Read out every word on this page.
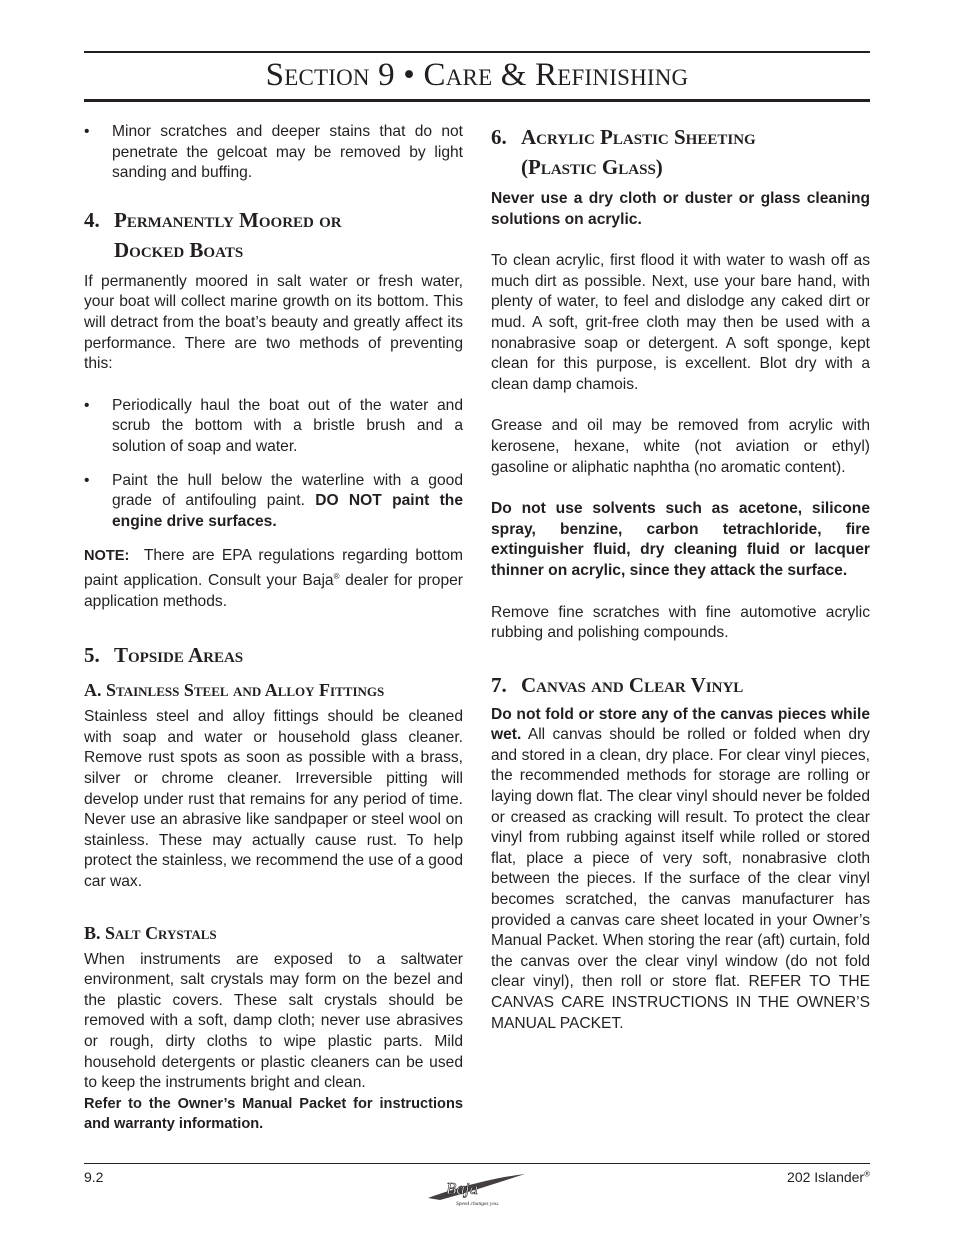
Section 9 • Care & Refinishing
• Minor scratches and deeper stains that do not penetrate the gelcoat may be removed by light sanding and buffing.

4. Permanently Moored or
Docked Boats

If permanently moored in salt water or fresh water, your boat will collect marine growth on its bottom. This will detract from the boat’s beauty and greatly affect its performance. There are two methods of preventing this:

• Periodically haul the boat out of the water and scrub the bottom with a bristle brush and a solution of soap and water.

• Paint the hull below the waterline with a good grade of antifouling paint. DO NOT paint the engine drive surfaces.

NOTE: There are EPA regulations regarding bottom paint application. Consult your Baja® dealer for proper application methods.

5. Topside Areas
A. Stainless Steel and Alloy Fittings

Stainless steel and alloy fittings should be cleaned with soap and water or household glass cleaner. Remove rust spots as soon as possible with a brass, silver or chrome cleaner. Irreversible pitting will develop under rust that remains for any period of time. Never use an abrasive like sandpaper or steel wool on stainless. These may actually cause rust. To help protect the stainless, we recommend the use of a good car wax.

B. Salt Crystals

When instruments are exposed to a saltwater environment, salt crystals may form on the bezel and the plastic covers. These salt crystals should be removed with a soft, damp cloth; never use abrasives or rough, dirty cloths to wipe plastic parts. Mild household detergents or plastic cleaners can be used to keep the instruments bright and clean.

Refer to the Owner’s Manual Packet for instructions and warranty information.

6. Acrylic Plastic Sheeting
(Plastic Glass)

Never use a dry cloth or duster or glass cleaning solutions on acrylic.

To clean acrylic, first flood it with water to wash off as much dirt as possible. Next, use your bare hand, with plenty of water, to feel and dislodge any caked dirt or mud. A soft, grit-free cloth may then be used with a nonabrasive soap or detergent. A soft sponge, kept clean for this purpose, is excellent. Blot dry with a clean damp chamois.

Grease and oil may be removed from acrylic with kerosene, hexane, white (not aviation or ethyl) gasoline or aliphatic naphtha (no aromatic content).

Do not use solvents such as acetone, silicone spray, benzine, carbon tetrachloride, fire extinguisher fluid, dry cleaning fluid or lacquer thinner on acrylic, since they attack the surface.

Remove fine scratches with fine automotive acrylic rubbing and polishing compounds.

7. Canvas and Clear Vinyl

Do not fold or store any of the canvas pieces while wet. All canvas should be rolled or folded when dry and stored in a clean, dry place. For clear vinyl pieces, the recommended methods for storage are rolling or laying down flat. The clear vinyl should never be folded or creased as cracking will result. To protect the clear vinyl from rubbing against itself while rolled or stored flat, place a piece of very soft, nonabrasive cloth between the pieces. If the surface of the clear vinyl becomes scratched, the canvas manufacturer has provided a canvas care sheet located in your Owner’s Manual Packet. When storing the rear (aft) curtain, fold the canvas over the clear vinyl window (do not fold clear vinyl), then roll or store flat. REFER TO THE CANVAS CARE INSTRUCTIONS IN THE OWNER’S MANUAL PACKET.

9.2	202 Islander®
Baja
Speed changes you.
